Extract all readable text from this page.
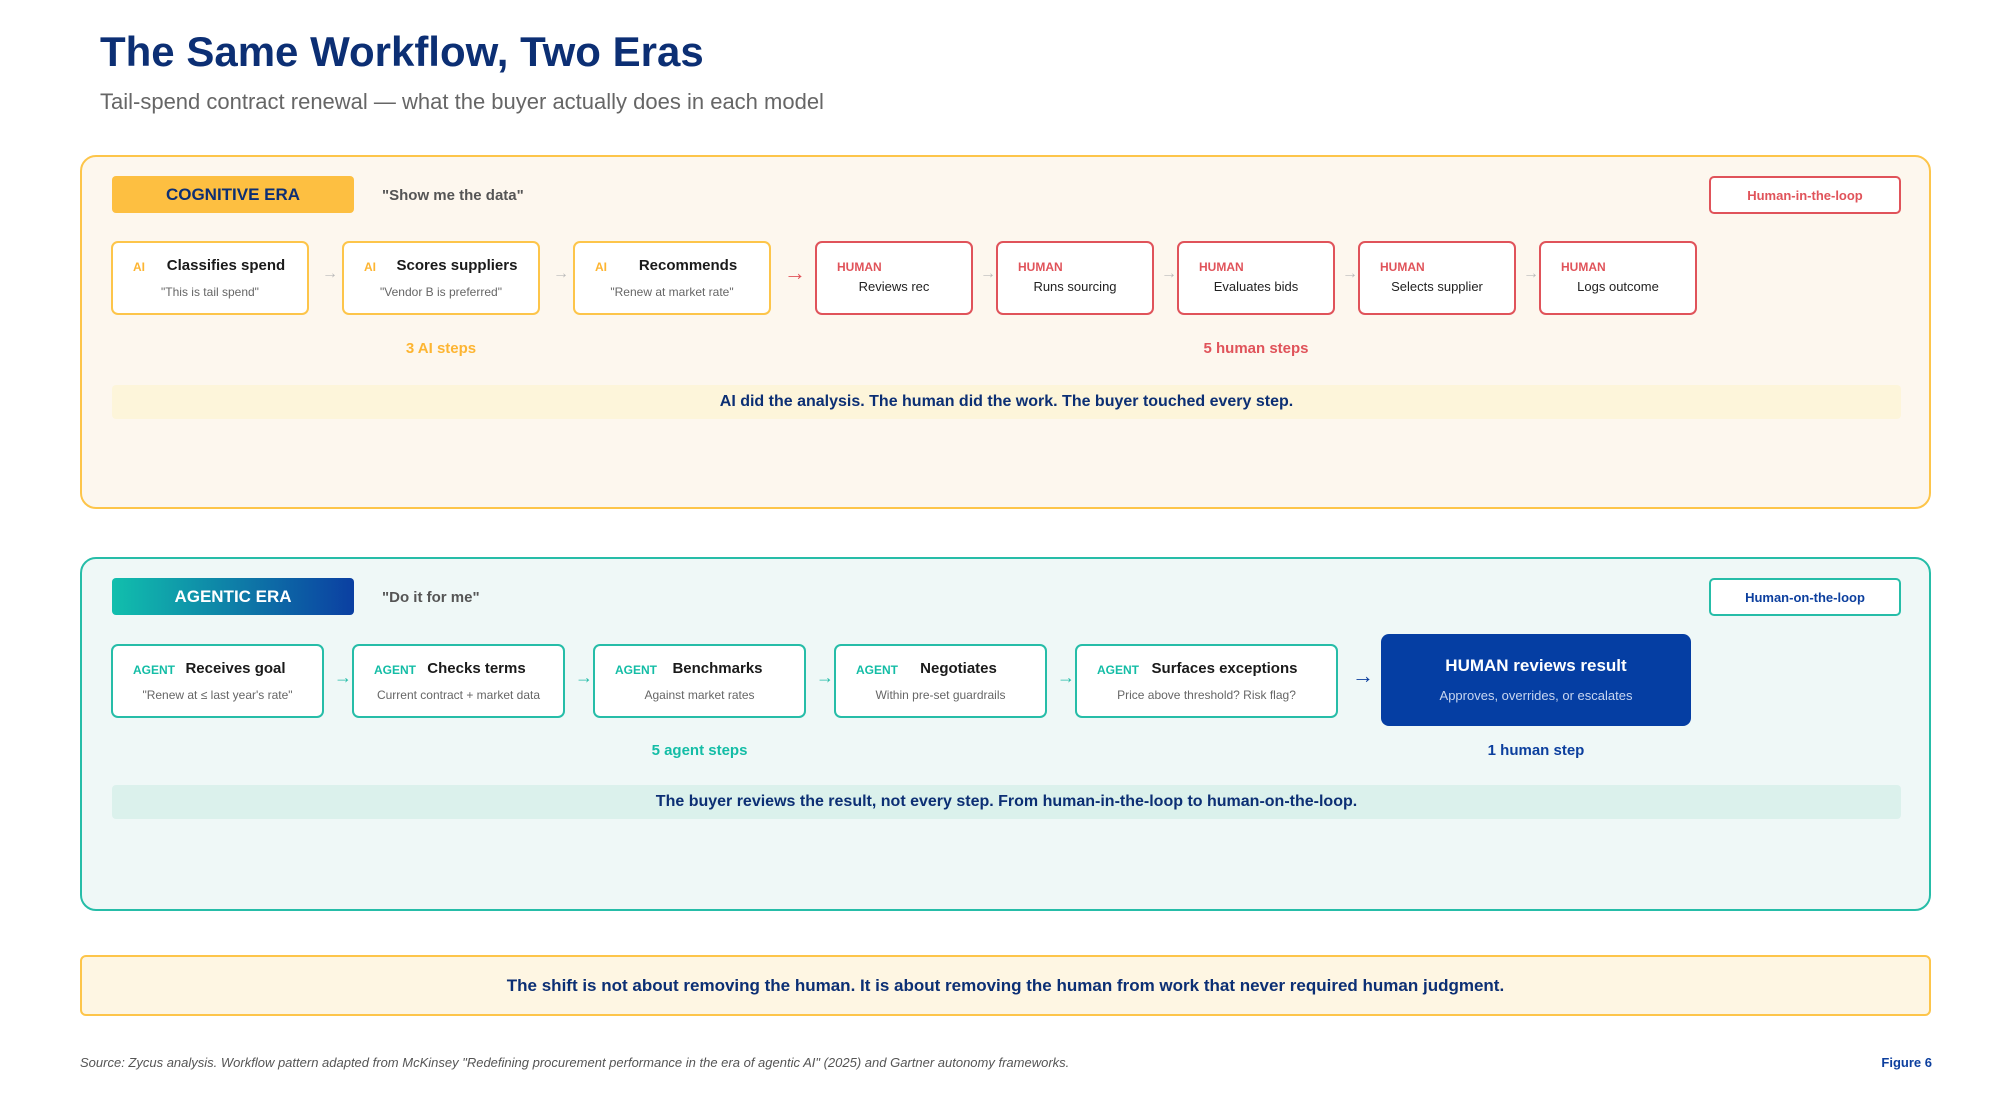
The Same Workflow, Two Eras
Tail-spend contract renewal — what the buyer actually does in each model
COGNITIVE ERA	"Show me the data"	Human-in-the-loop
AI	Classifies spend
"This is tail spend"
→ AI	Scores suppliers
"Vendor B is preferred"
→ AI	Recommends
"Renew at market rate"
→	HUMAN
Reviews rec
→ HUMAN
Runs sourcing
→ HUMAN
Evaluates bids
→ HUMAN
Selects supplier
→ HUMAN
Logs outcome
3 AI steps	5 human steps
AI did the analysis. The human did the work. The buyer touched every step.
AGENTIC ERA	"Do it for me"	Human-on-the-loop
AGENT Receives goal
"Renew at ≤ last year's rate"
→ AGENT Checks terms
Current contract + market data
→ AGENT	Benchmarks
Against market rates
→ AGENT	Negotiates
Within pre-set guardrails
→ AGENT Surfaces exceptions
Price above threshold? Risk flag?
→	HUMAN reviews result
Approves, overrides, or escalates
5 agent steps	1 human step
The buyer reviews the result, not every step. From human-in-the-loop to human-on-the-loop.
The shift is not about removing the human. It is about removing the human from work that never required human judgment.
Source: Zycus analysis. Workflow pattern adapted from McKinsey "Redefining procurement performance in the era of agentic AI" (2025) and Gartner autonomy frameworks.	Figure 6
